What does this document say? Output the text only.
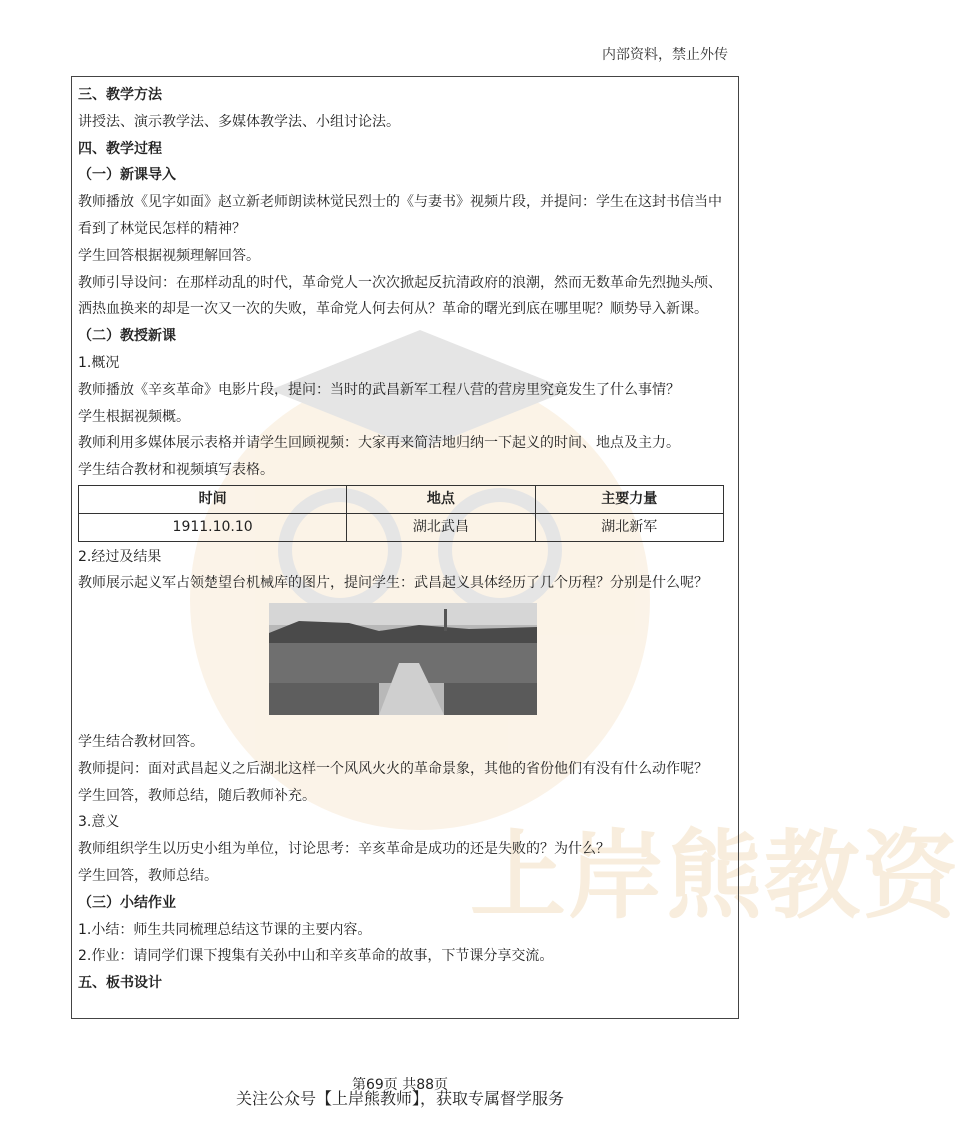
内部资料，禁止外传
上岸熊教资

三、教学方法

讲授法、演示教学法、多媒体教学法、小组讨论法。

四、教学过程

（一）新课导入

教师播放《见字如面》赵立新老师朗读林觉民烈士的《与妻书》视频片段，并提问：学生在这封书信当中看到了林觉民怎样的精神？

学生回答根据视频理解回答。

教师引导设问：在那样动乱的时代，革命党人一次次掀起反抗清政府的浪潮，然而无数革命先烈抛头颅、洒热血换来的却是一次又一次的失败，革命党人何去何从？革命的曙光到底在哪里呢？顺势导入新课。

（二）教授新课

1.概况

教师播放《辛亥革命》电影片段，提问：当时的武昌新军工程八营的营房里究竟发生了什么事情？

学生根据视频概。

教师利用多媒体展示表格并请学生回顾视频：大家再来简洁地归纳一下起义的时间、地点及主力。

学生结合教材和视频填写表格。

时间	地点	主要力量
1911.10.10	湖北武昌	湖北新军

2.经过及结果

教师展示起义军占领楚望台机械库的图片，提问学生：武昌起义具体经历了几个历程？分别是什么呢？

学生结合教材回答。

教师提问：面对武昌起义之后湖北这样一个风风火火的革命景象，其他的省份他们有没有什么动作呢？

学生回答，教师总结，随后教师补充。

3.意义

教师组织学生以历史小组为单位，讨论思考：辛亥革命是成功的还是失败的？为什么？

学生回答，教师总结。

（三）小结作业

1.小结：师生共同梳理总结这节课的主要内容。

2.作业：请同学们课下搜集有关孙中山和辛亥革命的故事，下节课分享交流。

五、板书设计

第69页 共88页
关注公众号【上岸熊教师】，获取专属督学服务
